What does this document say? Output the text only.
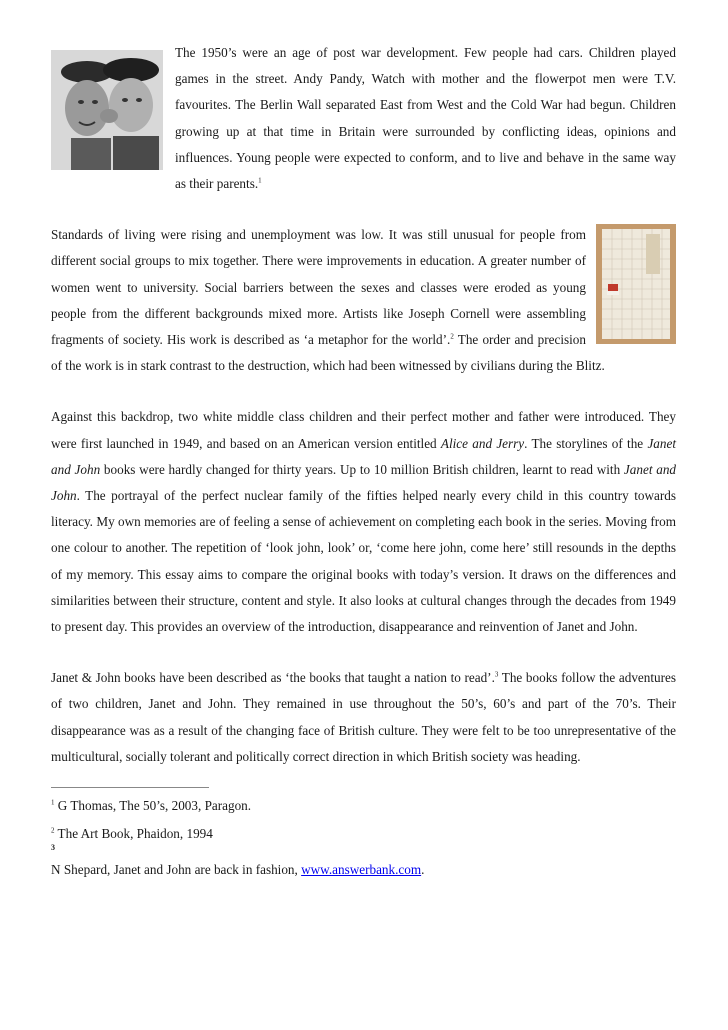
The 1950’s were an age of post war development. Few people had cars. Children played games in the street. Andy Pandy, Watch with mother and the flowerpot men were T.V. favourites. The Berlin Wall separated East from West and the Cold War had begun. Children growing up at that time in Britain were surrounded by conflicting ideas, opinions and influences. Young people were expected to conform, and to live and behave in the same way as their parents.$^1$

Standards of living were rising and unemployment was low. It was still unusual for people from different social groups to mix together. There were improvements in education. A greater number of women went to university. Social barriers between the sexes and classes were eroded as young people from the different backgrounds mixed more. Artists like Joseph Cornell were assembling fragments of society. His work is described as ‘a metaphor for the world’.$^2$ The order and precision of the work is in stark contrast to the destruction, which had been witnessed by civilians during the Blitz.

Against this backdrop, two white middle class children and their perfect mother and father were introduced. They were first launched in 1949, and based on an American version entitled Alice and Jerry. The storylines of the Janet and John books were hardly changed for thirty years. Up to 10 million British children, learnt to read with Janet and John. The portrayal of the perfect nuclear family of the fifties helped nearly every child in this country towards literacy. My own memories are of feeling a sense of achievement on completing each book in the series. Moving from one colour to another. The repetition of ‘look john, look’ or, ‘come here john, come here’ still resounds in the depths of my memory. This essay aims to compare the original books with today’s version. It draws on the differences and similarities between their structure, content and style. It also looks at cultural changes through the decades from 1949 to present day. This provides an overview of the introduction, disappearance and reinvention of Janet and John.

Janet & John books have been described as ‘the books that taught a nation to read’.$^3$ The books follow the adventures of two children, Janet and John. They remained in use throughout the 50’s, 60’s and part of the 70’s. Their disappearance was as a result of the changing face of British culture. They were felt to be too unrepresentative of the multicultural, socially tolerant and politically correct direction in which British society was heading.

$^1$ G Thomas, The 50’s, 2003, Paragon.

$^2$ The Art Book, Phaidon, 1994

3

N Shepard, Janet and John are back in fashion, www.answerbank.com.
